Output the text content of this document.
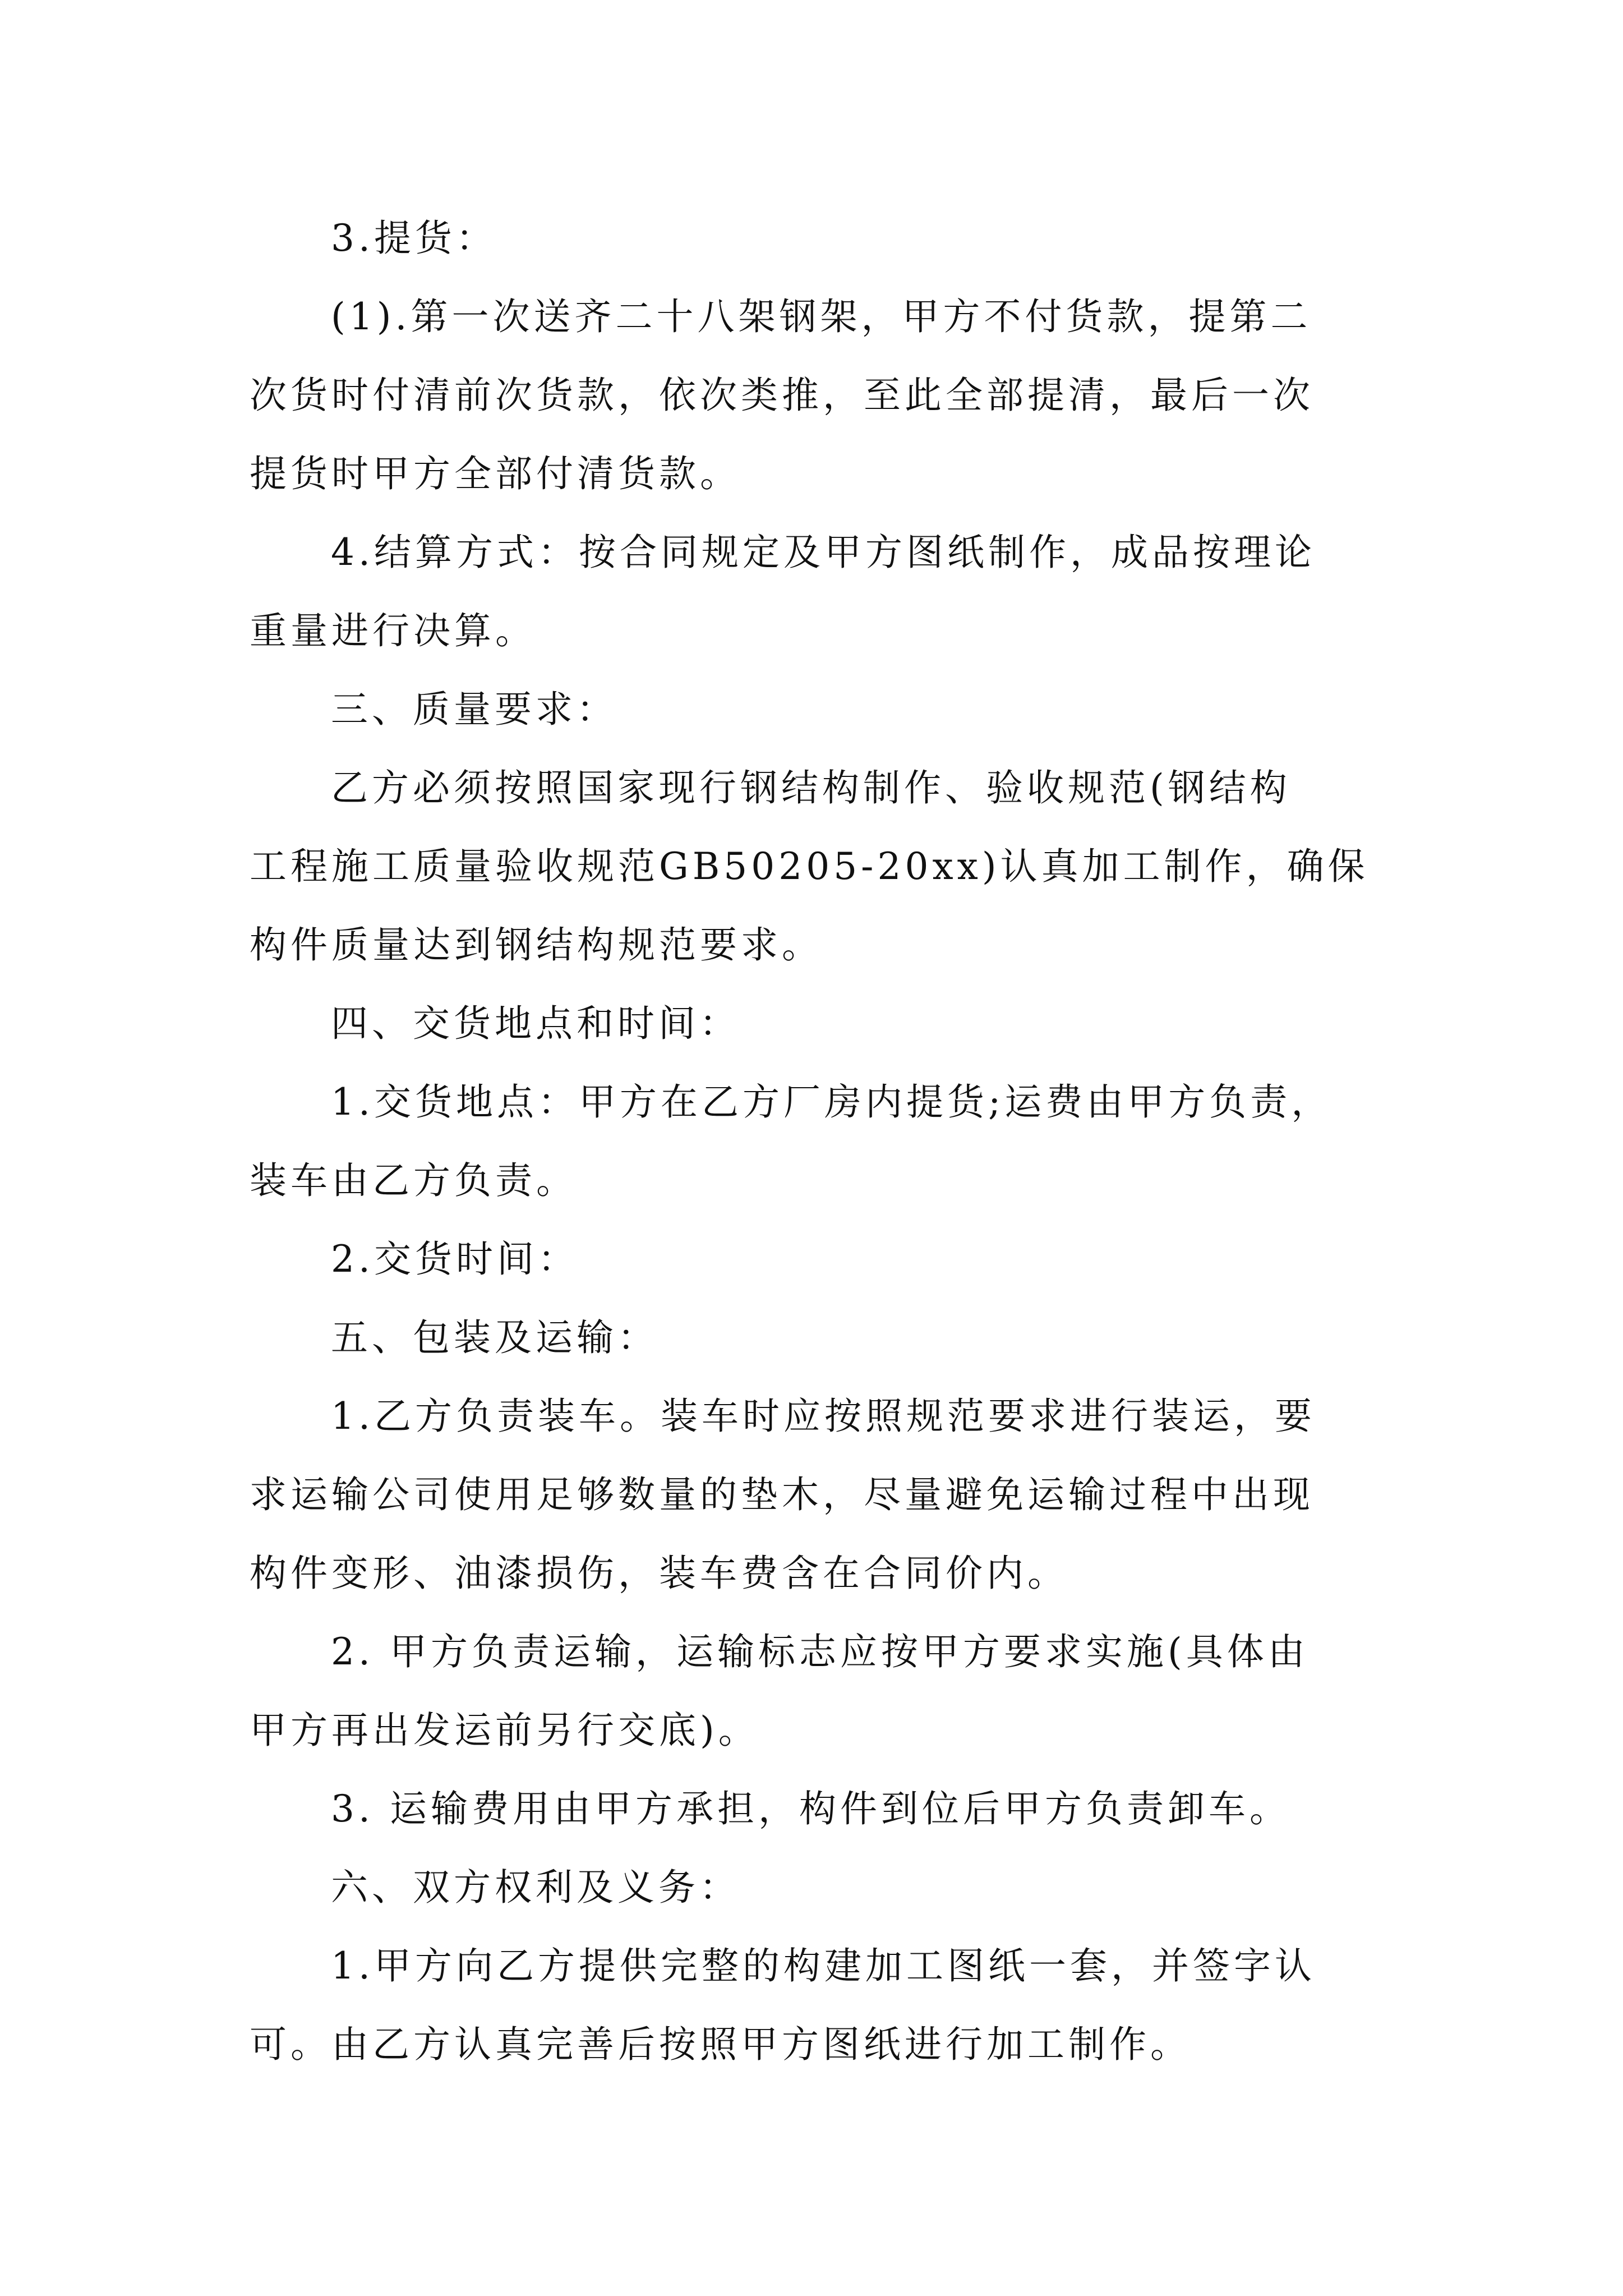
3.提货：
(1).第一次送齐二十八架钢架，甲方不付货款，提第二
次货时付清前次货款，依次类推，至此全部提清，最后一次
提货时甲方全部付清货款。
4.结算方式：按合同规定及甲方图纸制作，成品按理论
重量进行决算。
三、质量要求：
乙方必须按照国家现行钢结构制作、验收规范(钢结构
工程施工质量验收规范GB50205-20xx)认真加工制作，确保
构件质量达到钢结构规范要求。
四、交货地点和时间：
1.交货地点：甲方在乙方厂房内提货;运费由甲方负责，
装车由乙方负责。
2.交货时间：
五、包装及运输：
1.乙方负责装车。装车时应按照规范要求进行装运，要
求运输公司使用足够数量的垫木，尽量避免运输过程中出现
构件变形、油漆损伤，装车费含在合同价内。
2. 甲方负责运输，运输标志应按甲方要求实施(具体由
甲方再出发运前另行交底)。
3. 运输费用由甲方承担，构件到位后甲方负责卸车。
六、双方权利及义务：
1.甲方向乙方提供完整的构建加工图纸一套，并签字认
可。由乙方认真完善后按照甲方图纸进行加工制作。
